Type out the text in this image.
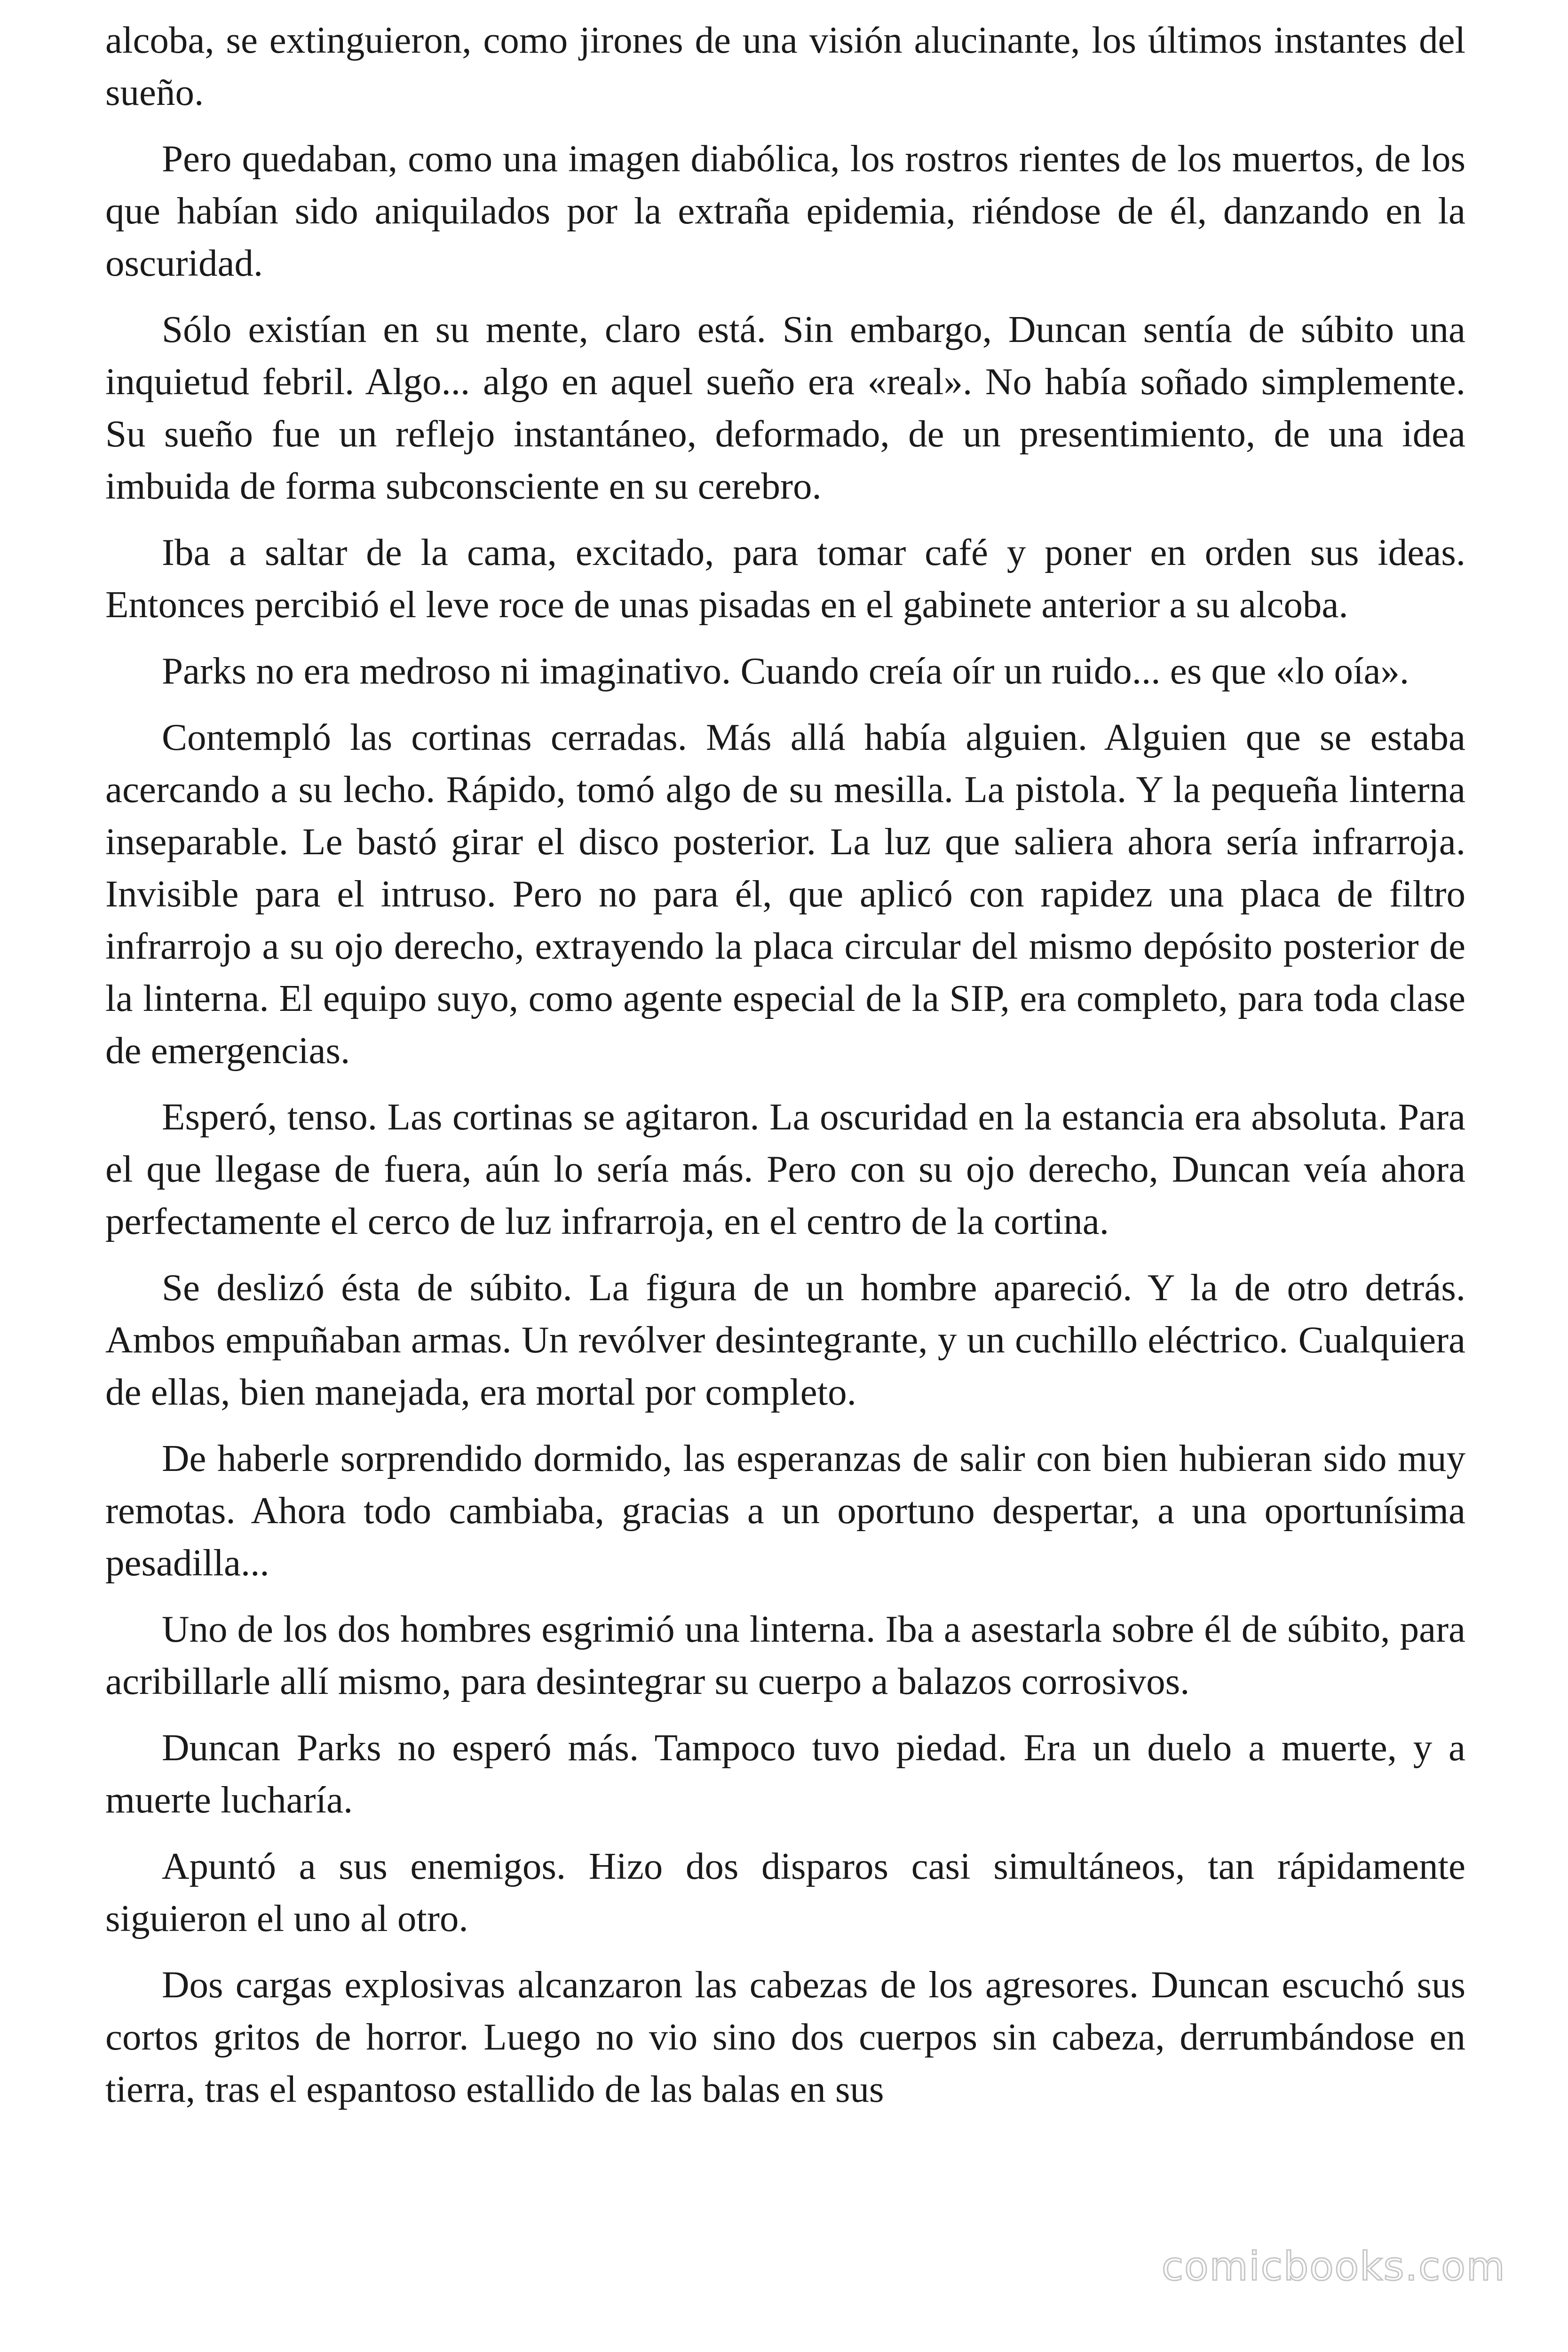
alcoba, se extinguieron, como jirones de una visión alucinante, los últimos instantes del sueño.

Pero quedaban, como una imagen diabólica, los rostros rientes de los muertos, de los que habían sido aniquilados por la extraña epidemia, riéndose de él, danzando en la oscuridad.

Sólo existían en su mente, claro está. Sin embargo, Duncan sentía de súbito una inquietud febril. Algo... algo en aquel sueño era «real». No había soñado simplemente. Su sueño fue un reflejo instantáneo, deformado, de un presentimiento, de una idea imbuida de forma subconsciente en su cerebro.

Iba a saltar de la cama, excitado, para tomar café y poner en orden sus ideas. Entonces percibió el leve roce de unas pisadas en el gabinete anterior a su alcoba.

Parks no era medroso ni imaginativo. Cuando creía oír un ruido... es que «lo oía».

Contempló las cortinas cerradas. Más allá había alguien. Alguien que se estaba acercando a su lecho. Rápido, tomó algo de su mesilla. La pistola. Y la pequeña linterna inseparable. Le bastó girar el disco posterior. La luz que saliera ahora sería infrarroja. Invisible para el intruso. Pero no para él, que aplicó con rapidez una placa de filtro infrarrojo a su ojo derecho, extrayendo la placa circular del mismo depósito posterior de la linterna. El equipo suyo, como agente especial de la SIP, era completo, para toda clase de emergencias.

Esperó, tenso. Las cortinas se agitaron. La oscuridad en la estancia era absoluta. Para el que llegase de fuera, aún lo sería más. Pero con su ojo derecho, Duncan veía ahora perfectamente el cerco de luz infrarroja, en el centro de la cortina.

Se deslizó ésta de súbito. La figura de un hombre apareció. Y la de otro detrás. Ambos empuñaban armas. Un revólver desintegrante, y un cuchillo eléctrico. Cualquiera de ellas, bien manejada, era mortal por completo.

De haberle sorprendido dormido, las esperanzas de salir con bien hubieran sido muy remotas. Ahora todo cambiaba, gracias a un oportuno despertar, a una oportunísima pesadilla...

Uno de los dos hombres esgrimió una linterna. Iba a asestarla sobre él de súbito, para acribillarle allí mismo, para desintegrar su cuerpo a balazos corrosivos.

Duncan Parks no esperó más. Tampoco tuvo piedad. Era un duelo a muerte, y a muerte lucharía.

Apuntó a sus enemigos. Hizo dos disparos casi simultáneos, tan rápidamente siguieron el uno al otro.

Dos cargas explosivas alcanzaron las cabezas de los agresores. Duncan escuchó sus cortos gritos de horror. Luego no vio sino dos cuerpos sin cabeza, derrumbándose en tierra, tras el espantoso estallido de las balas en sus

comicbooks.com
